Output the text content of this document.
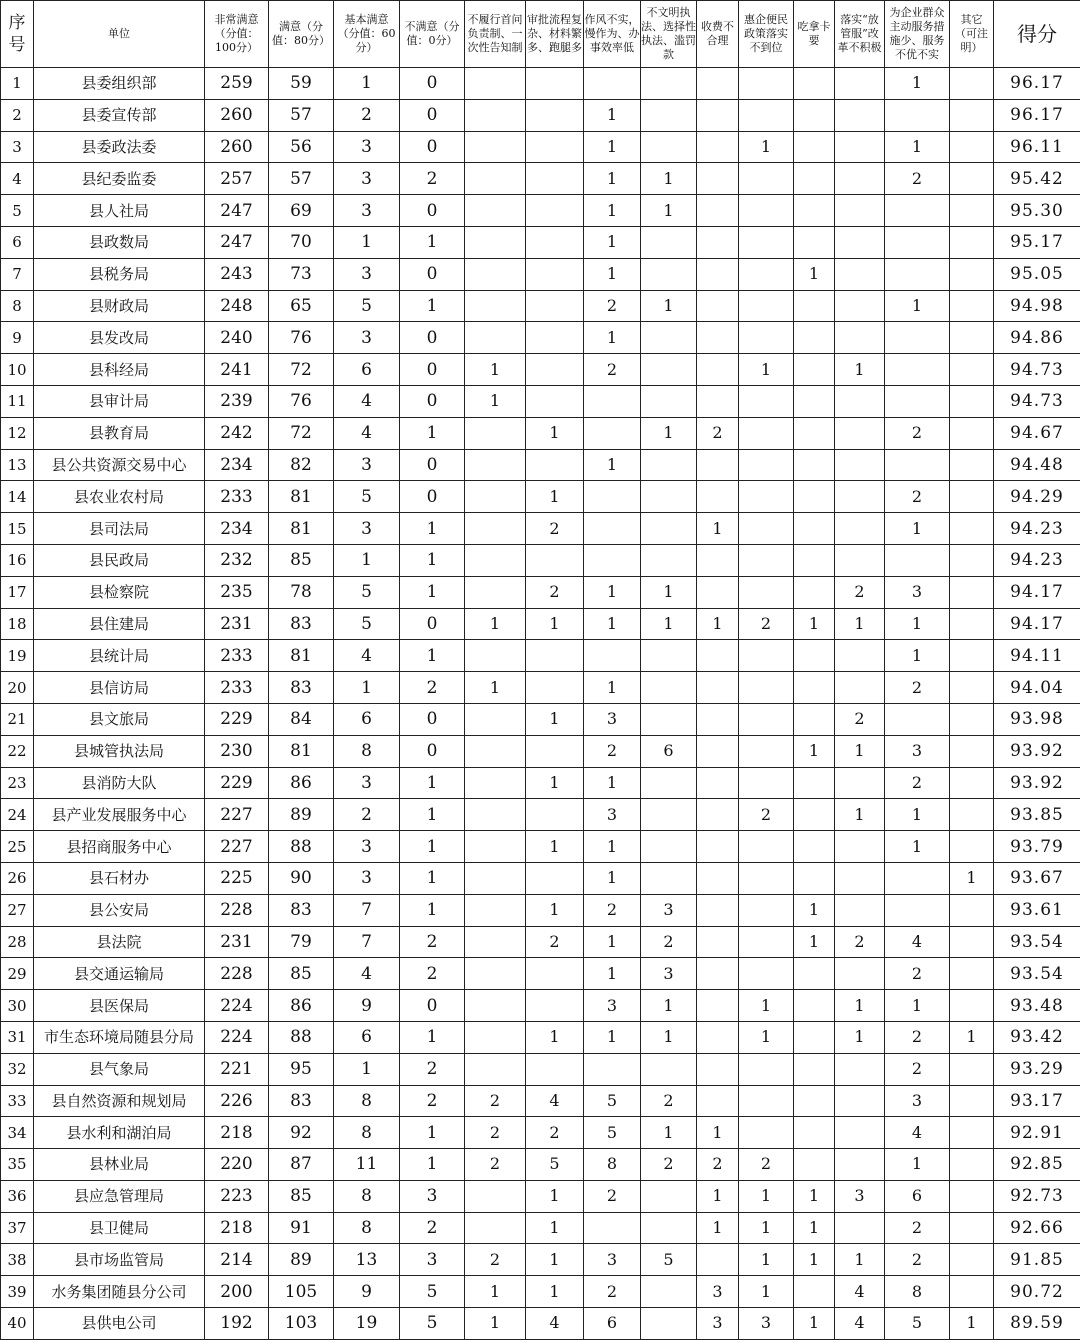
序号	单位	非常满意（分值：100分）	满意（分值：80分）	基本满意（分值：60分）	不满意（分值：0分）	不履行首问负责制、一次性告知制	审批流程复杂、材料繁多、跑腿多	作风不实，慢作为、办事效率低	不文明执法、选择性执法、滥罚款	收费不合理	惠企便民政策落实不到位	吃拿卡要	落实“放管服”改革不积极	为企业群众主动服务措施少、服务不优不实	其它（可注明）	得分
1	县委组织部	259	59	1	0									1		96.17
2	县委宣传部	260	57	2	0			1								96.17
3	县委政法委	260	56	3	0			1			1			1		96.11
4	县纪委监委	257	57	3	2			1	1					2		95.42
5	县人社局	247	69	3	0			1	1							95.30
6	县政数局	247	70	1	1			1								95.17
7	县税务局	243	73	3	0			1				1				95.05
8	县财政局	248	65	5	1			2	1					1		94.98
9	县发改局	240	76	3	0			1								94.86
10	县科经局	241	72	6	0	1		2			1		1			94.73
11	县审计局	239	76	4	0	1										94.73
12	县教育局	242	72	4	1		1		1	2				2		94.67
13	县公共资源交易中心	234	82	3	0			1								94.48
14	县农业农村局	233	81	5	0		1							2		94.29
15	县司法局	234	81	3	1		2			1				1		94.23
16	县民政局	232	85	1	1											94.23
17	县检察院	235	78	5	1		2	1	1				2	3		94.17
18	县住建局	231	83	5	0	1	1	1	1	1	2	1	1	1		94.17
19	县统计局	233	81	4	1									1		94.11
20	县信访局	233	83	1	2	1		1						2		94.04
21	县文旅局	229	84	6	0		1	3					2			93.98
22	县城管执法局	230	81	8	0			2	6			1	1	3		93.92
23	县消防大队	229	86	3	1		1	1						2		93.92
24	县产业发展服务中心	227	89	2	1			3			2		1	1		93.85
25	县招商服务中心	227	88	3	1		1	1						1		93.79
26	县石材办	225	90	3	1			1							1	93.67
27	县公安局	228	83	7	1		1	2	3			1				93.61
28	县法院	231	79	7	2		2	1	2			1	2	4		93.54
29	县交通运输局	228	85	4	2			1	3					2		93.54
30	县医保局	224	86	9	0			3	1		1		1	1		93.48
31	市生态环境局随县分局	224	88	6	1		1	1	1		1		1	2	1	93.42
32	县气象局	221	95	1	2									2		93.29
33	县自然资源和规划局	226	83	8	2	2	4	5	2					3		93.17
34	县水利和湖泊局	218	92	8	1	2	2	5	1	1				4		92.91
35	县林业局	220	87	11	1	2	5	8	2	2	2			1		92.85
36	县应急管理局	223	85	8	3		1	2		1	1	1	3	6		92.73
37	县卫健局	218	91	8	2		1			1	1	1		2		92.66
38	县市场监管局	214	89	13	3	2	1	3	5		1	1	1	2		91.85
39	水务集团随县分公司	200	105	9	5	1	1	2		3	1		4	8		90.72
40	县供电公司	192	103	19	5	1	4	6		3	3	1	4	5	1	89.59
